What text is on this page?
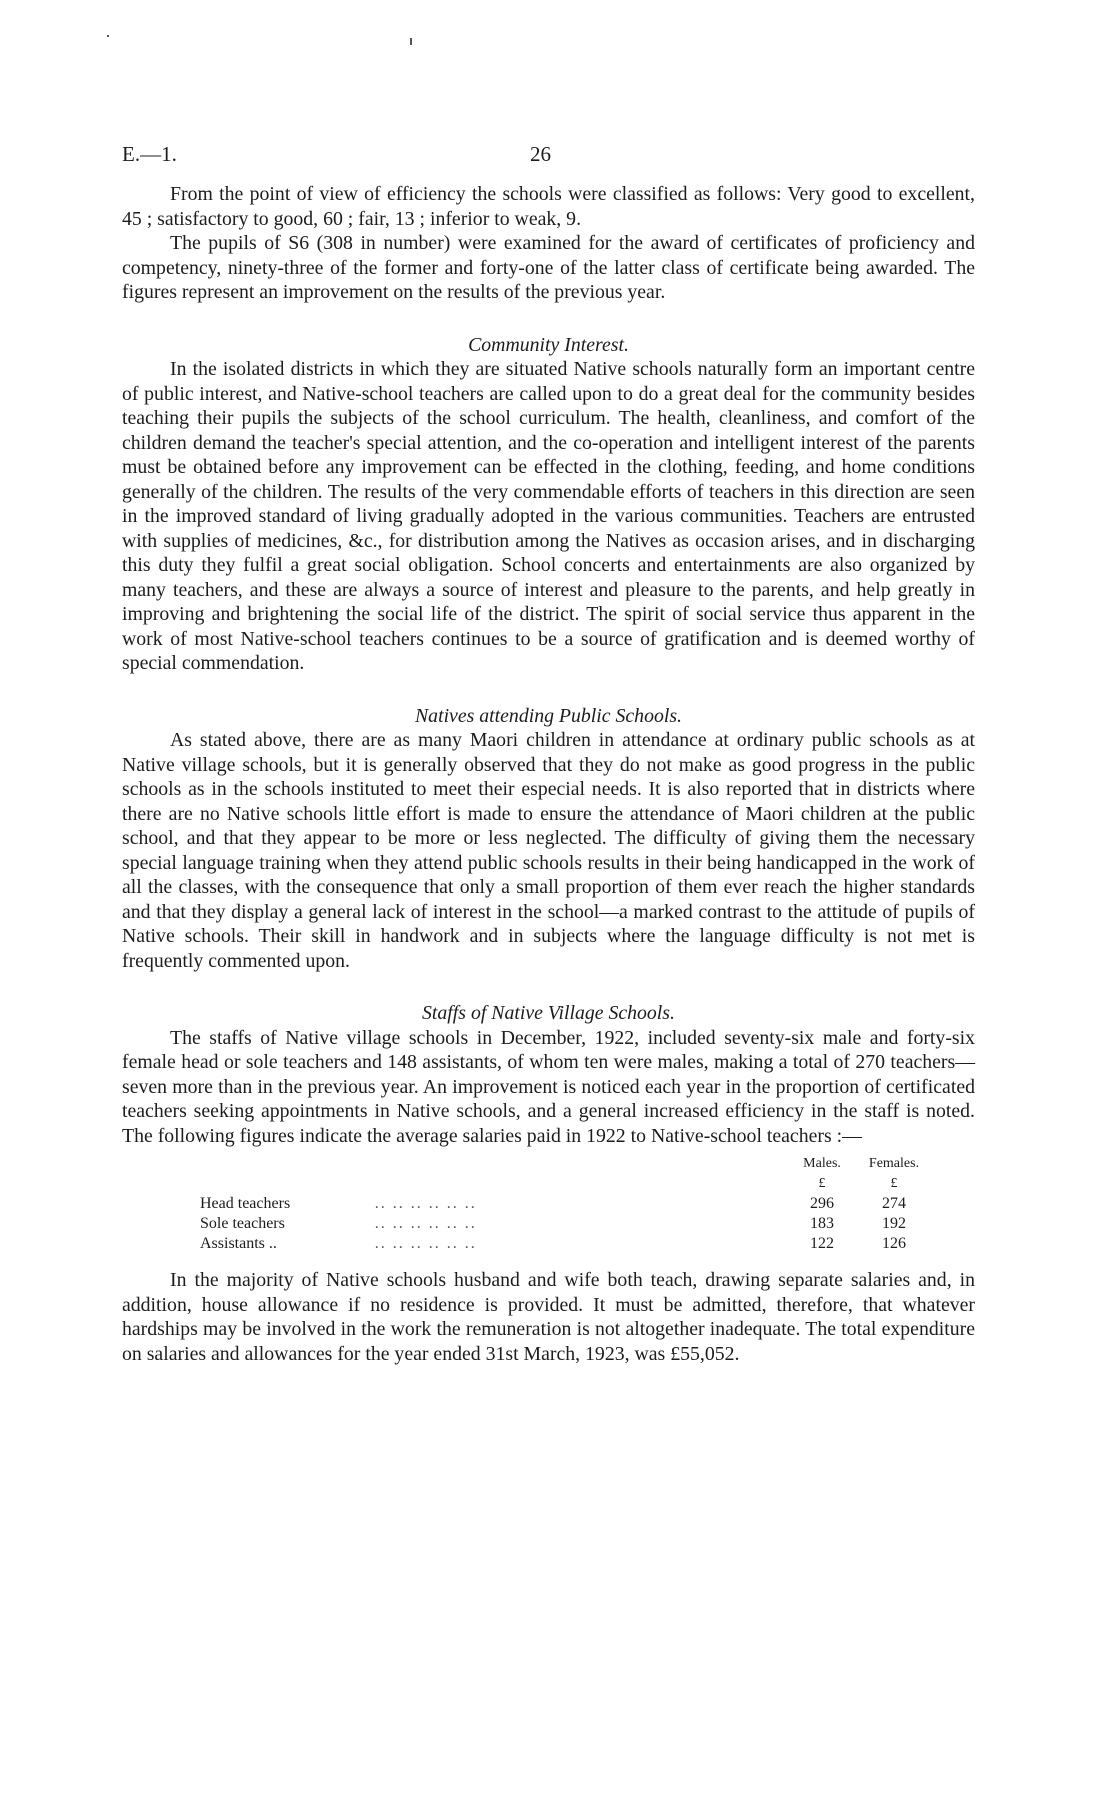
E.—1.	26

From the point of view of efficiency the schools were classified as follows: Very good to excellent, 45 ; satisfactory to good, 60 ; fair, 13 ; inferior to weak, 9.

The pupils of S6 (308 in number) were examined for the award of certificates of proficiency and competency, ninety-three of the former and forty-one of the latter class of certificate being awarded. The figures represent an improvement on the results of the previous year.

Community Interest.

In the isolated districts in which they are situated Native schools naturally form an important centre of public interest, and Native-school teachers are called upon to do a great deal for the community besides teaching their pupils the subjects of the school curriculum. The health, cleanliness, and comfort of the children demand the teacher's special attention, and the co-operation and intelligent interest of the parents must be obtained before any improvement can be effected in the clothing, feeding, and home conditions generally of the children. The results of the very commendable efforts of teachers in this direction are seen in the improved standard of living gradually adopted in the various communities. Teachers are entrusted with supplies of medicines, &c., for distribution among the Natives as occasion arises, and in discharging this duty they fulfil a great social obligation. School concerts and entertainments are also organized by many teachers, and these are always a source of interest and pleasure to the parents, and help greatly in improving and brightening the social life of the district. The spirit of social service thus apparent in the work of most Native-school teachers continues to be a source of gratification and is deemed worthy of special commendation.

Natives attending Public Schools.

As stated above, there are as many Maori children in attendance at ordinary public schools as at Native village schools, but it is generally observed that they do not make as good progress in the public schools as in the schools instituted to meet their especial needs. It is also reported that in districts where there are no Native schools little effort is made to ensure the attendance of Maori children at the public school, and that they appear to be more or less neglected. The difficulty of giving them the necessary special language training when they attend public schools results in their being handicapped in the work of all the classes, with the consequence that only a small proportion of them ever reach the higher standards and that they display a general lack of interest in the school—a marked contrast to the attitude of pupils of Native schools. Their skill in handwork and in subjects where the language difficulty is not met is frequently commented upon.

Staffs of Native Village Schools.

The staffs of Native village schools in December, 1922, included seventy-six male and forty-six female head or sole teachers and 148 assistants, of whom ten were males, making a total of 270 teachers—seven more than in the previous year. An improvement is noticed each year in the proportion of certificated teachers seeking appointments in Native schools, and a general increased efficiency in the staff is noted. The following figures indicate the average salaries paid in 1922 to Native-school teachers :—

		Males.	Females.
		£	£
Head teachers	.. .. .. .. .. ..	296	274
Sole teachers	.. .. .. .. .. ..	183	192
Assistants ..	.. .. .. .. .. ..	122	126

In the majority of Native schools husband and wife both teach, drawing separate salaries and, in addition, house allowance if no residence is provided. It must be admitted, therefore, that whatever hardships may be involved in the work the remuneration is not altogether inadequate. The total expenditure on salaries and allowances for the year ended 31st March, 1923, was £55,052.
